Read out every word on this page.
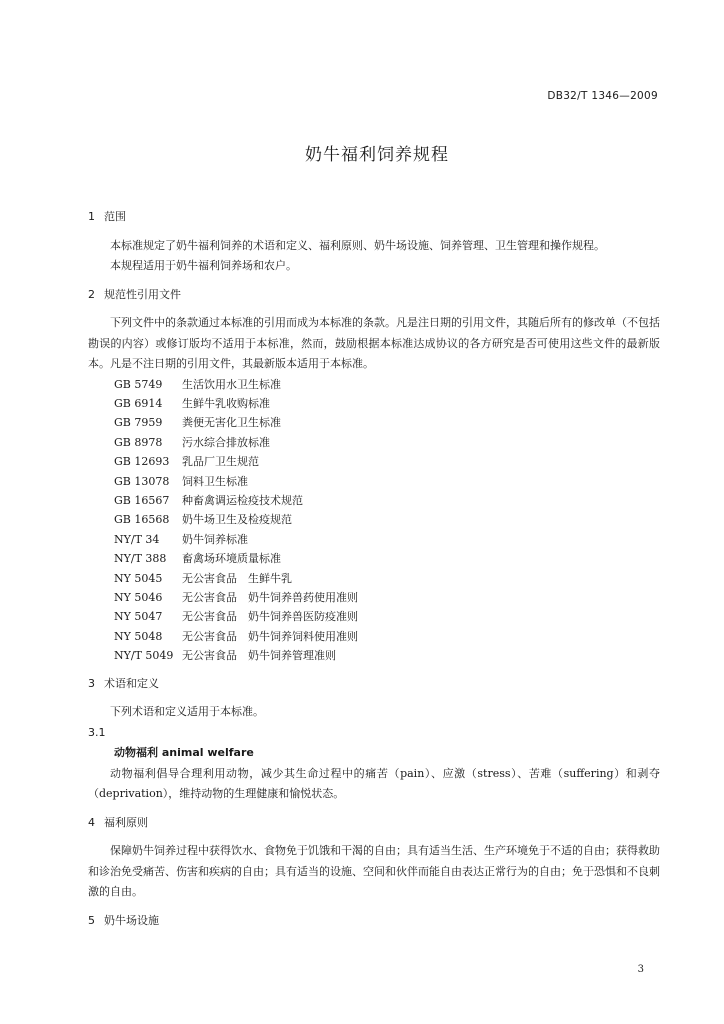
DB32/T 1346—2009
奶牛福利饲养规程

1 范围

本标准规定了奶牛福利饲养的术语和定义、福利原则、奶牛场设施、饲养管理、卫生管理和操作规程。

本规程适用于奶牛福利饲养场和农户。

2 规范性引用文件

下列文件中的条款通过本标准的引用而成为本标准的条款。凡是注日期的引用文件，其随后所有的修改单（不包括勘误的内容）或修订版均不适用于本标准，然而，鼓励根据本标准达成协议的各方研究是否可使用这些文件的最新版本。凡是不注日期的引用文件，其最新版本适用于本标准。

GB 5749 生活饮用水卫生标准
GB 6914 生鲜牛乳收购标准
GB 7959 粪便无害化卫生标准
GB 8978 污水综合排放标准
GB 12693 乳品厂卫生规范
GB 13078 饲料卫生标准
GB 16567 种畜禽调运检疫技术规范
GB 16568 奶牛场卫生及检疫规范
NY/T 34 奶牛饲养标准
NY/T 388 畜禽场环境质量标准
NY 5045 无公害食品　生鲜牛乳
NY 5046 无公害食品　奶牛饲养兽药使用准则
NY 5047 无公害食品　奶牛饲养兽医防疫准则
NY 5048 无公害食品　奶牛饲养饲料使用准则
NY/T 5049 无公害食品　奶牛饲养管理准则

3 术语和定义

下列术语和定义适用于本标准。

3.1

动物福利 animal welfare

动物福利倡导合理利用动物，减少其生命过程中的痛苦（pain）、应激（stress）、苦难（suffering）和剥夺（deprivation），维持动物的生理健康和愉悦状态。

4 福利原则

保障奶牛饲养过程中获得饮水、食物免于饥饿和干渴的自由；具有适当生活、生产环境免于不适的自由；获得救助和诊治免受痛苦、伤害和疾病的自由；具有适当的设施、空间和伙伴而能自由表达正常行为的自由；免于恐惧和不良刺激的自由。

5 奶牛场设施

3
